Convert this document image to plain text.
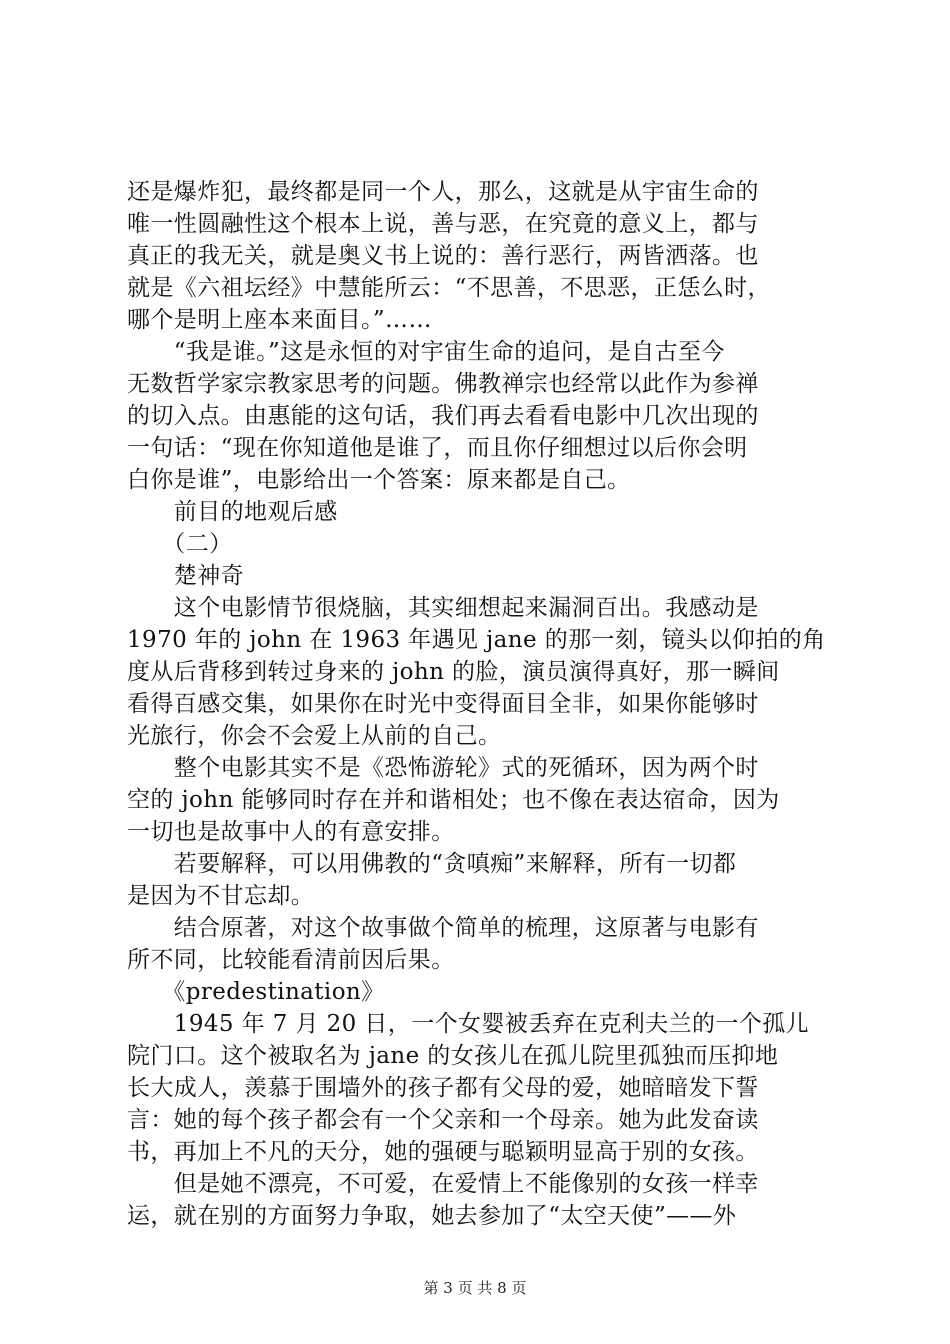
还是爆炸犯，最终都是同一个人，那么，这就是从宇宙生命的
唯一性圆融性这个根本上说，善与恶，在究竟的意义上，都与
真正的我无关，就是奥义书上说的：善行恶行，两皆洒落。也
就是《六祖坛经》中慧能所云：“不思善，不思恶，正恁么时，
哪个是明上座本来面目。”……
　　“我是谁。”这是永恒的对宇宙生命的追问，是自古至今
无数哲学家宗教家思考的问题。佛教禅宗也经常以此作为参禅
的切入点。由惠能的这句话，我们再去看看电影中几次出现的
一句话：“现在你知道他是谁了，而且你仔细想过以后你会明
白你是谁”，电影给出一个答案：原来都是自己。
　　前目的地观后感
　　（二）
　　楚神奇
　　这个电影情节很烧脑，其实细想起来漏洞百出。我感动是
1970 年的 john 在 1963 年遇见 jane 的那一刻，镜头以仰拍的角
度从后背移到转过身来的 john 的脸，演员演得真好，那一瞬间
看得百感交集，如果你在时光中变得面目全非，如果你能够时
光旅行，你会不会爱上从前的自己。
　　整个电影其实不是《恐怖游轮》式的死循环，因为两个时
空的 john 能够同时存在并和谐相处；也不像在表达宿命，因为
一切也是故事中人的有意安排。
　　若要解释，可以用佛教的“贪嗔痴”来解释，所有一切都
是因为不甘忘却。
　　结合原著，对这个故事做个简单的梳理，这原著与电影有
所不同，比较能看清前因后果。
　　《predestination》
　　1945 年 7 月 20 日，一个女婴被丢弃在克利夫兰的一个孤儿
院门口。这个被取名为 jane 的女孩儿在孤儿院里孤独而压抑地
长大成人，羡慕于围墙外的孩子都有父母的爱，她暗暗发下誓
言：她的每个孩子都会有一个父亲和一个母亲。她为此发奋读
书，再加上不凡的天分，她的强硬与聪颖明显高于别的女孩。
　　但是她不漂亮，不可爱，在爱情上不能像别的女孩一样幸
运，就在别的方面努力争取，她去参加了“太空天使”——外
第 3 页 共 8 页
